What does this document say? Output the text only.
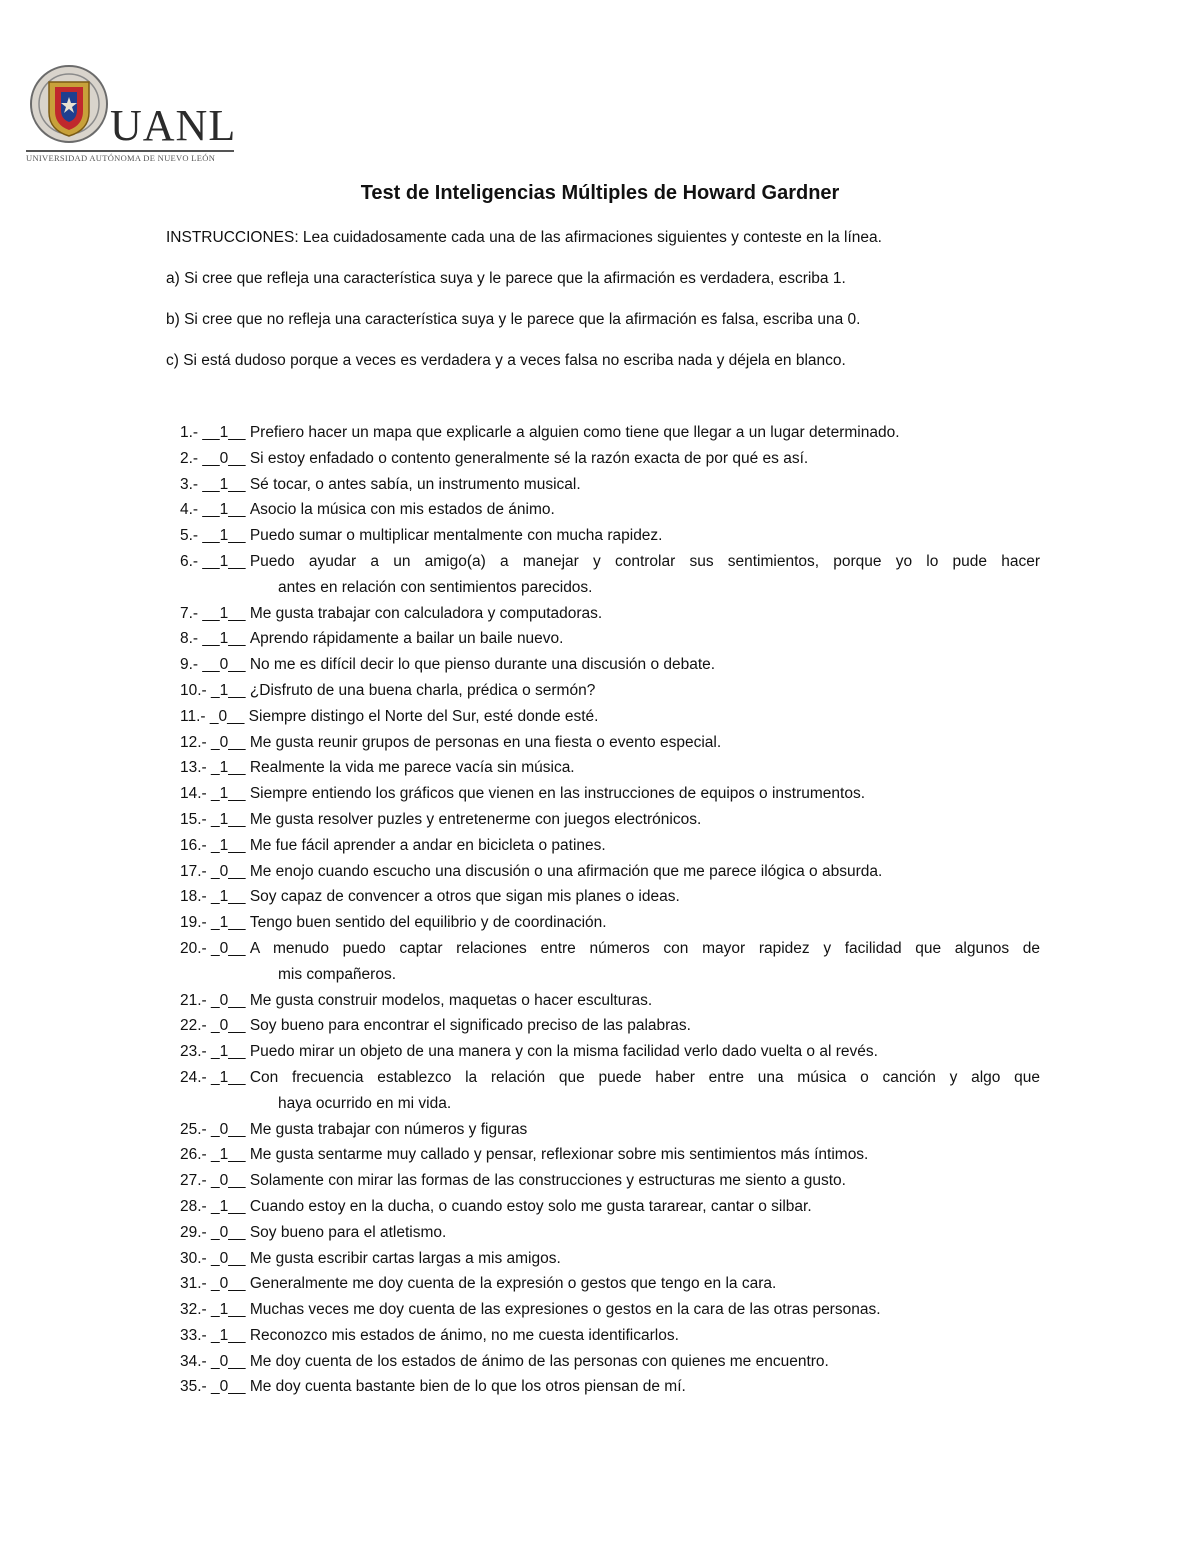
UANL
UNIVERSIDAD AUTÓNOMA DE NUEVO LEÓN
Test de Inteligencias Múltiples de Howard Gardner
INSTRUCCIONES: Lea cuidadosamente cada una de las afirmaciones siguientes y conteste en la línea.
a) Si cree que refleja una característica suya y le parece que la afirmación es verdadera, escriba 1.
b) Si cree que no refleja una característica suya y le parece que la afirmación es falsa, escriba una 0.
c) Si está dudoso porque a veces es verdadera y a veces falsa no escriba nada y déjela en blanco.
1.- __1__ Prefiero hacer un mapa que explicarle a alguien como tiene que llegar a un lugar determinado.
2.- __0__ Si estoy enfadado o contento generalmente sé la razón exacta de por qué es así.
3.- __1__ Sé tocar, o antes sabía, un instrumento musical.
4.- __1__ Asocio la música con mis estados de ánimo.
5.- __1__ Puedo sumar o multiplicar mentalmente con mucha rapidez.
6.- __1__ Puedo ayudar a un amigo(a) a manejar y controlar sus sentimientos, porque yo lo pude hacer
antes en relación con sentimientos parecidos.
7.- __1__ Me gusta trabajar con calculadora y computadoras.
8.- __1__ Aprendo rápidamente a bailar un baile nuevo.
9.- __0__ No me es difícil decir lo que pienso durante una discusión o debate.
10.- _1__ ¿Disfruto de una buena charla, prédica o sermón?
11.- _0__ Siempre distingo el Norte del Sur, esté donde esté.
12.- _0__ Me gusta reunir grupos de personas en una fiesta o evento especial.
13.- _1__ Realmente la vida me parece vacía sin música.
14.- _1__ Siempre entiendo los gráficos que vienen en las instrucciones de equipos o instrumentos.
15.- _1__ Me gusta resolver puzles y entretenerme con juegos electrónicos.
16.- _1__ Me fue fácil aprender a andar en bicicleta o patines.
17.- _0__ Me enojo cuando escucho una discusión o una afirmación que me parece ilógica o absurda.
18.- _1__ Soy capaz de convencer a otros que sigan mis planes o ideas.
19.- _1__ Tengo buen sentido del equilibrio y de coordinación.
20.- _0__ A menudo puedo captar relaciones entre números con mayor rapidez y facilidad que algunos de
mis compañeros.
21.- _0__ Me gusta construir modelos, maquetas o hacer esculturas.
22.- _0__ Soy bueno para encontrar el significado preciso de las palabras.
23.- _1__ Puedo mirar un objeto de una manera y con la misma facilidad verlo dado vuelta o al revés.
24.- _1__ Con frecuencia establezco la relación que puede haber entre una música o canción y algo que
haya ocurrido en mi vida.
25.- _0__ Me gusta trabajar con números y figuras
26.- _1__ Me gusta sentarme muy callado y pensar, reflexionar sobre mis sentimientos más íntimos.
27.- _0__ Solamente con mirar las formas de las construcciones y estructuras me siento a gusto.
28.- _1__ Cuando estoy en la ducha, o cuando estoy solo me gusta tararear, cantar o silbar.
29.- _0__ Soy bueno para el atletismo.
30.- _0__ Me gusta escribir cartas largas a mis amigos.
31.- _0__ Generalmente me doy cuenta de la expresión o gestos que tengo en la cara.
32.- _1__ Muchas veces me doy cuenta de las expresiones o gestos en la cara de las otras personas.
33.- _1__ Reconozco mis estados de ánimo, no me cuesta identificarlos.
34.- _0__ Me doy cuenta de los estados de ánimo de las personas con quienes me encuentro.
35.- _0__ Me doy cuenta bastante bien de lo que los otros piensan de mí.
